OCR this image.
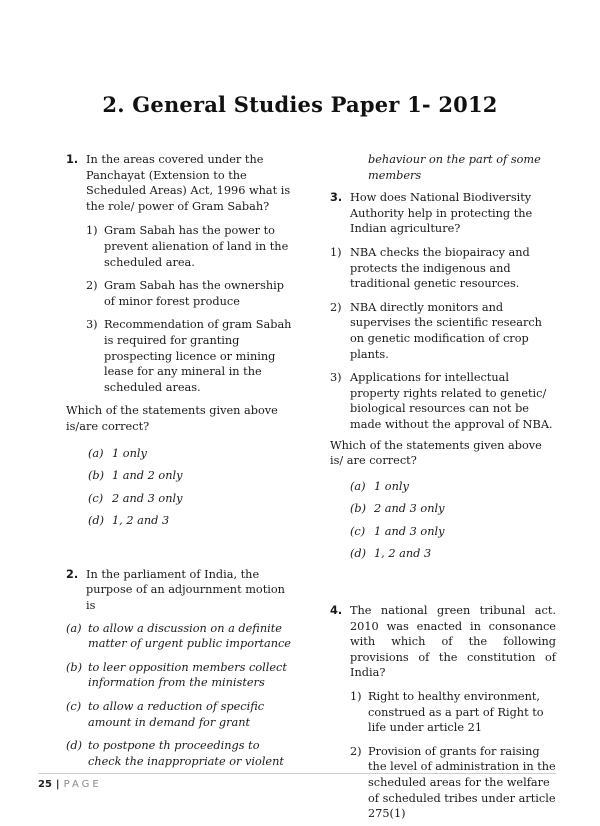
2. General Studies Paper 1- 2012
1. In the areas covered under the Panchayat (Extension to the Scheduled Areas) Act, 1996 what is the role/ power of Gram Sabah?
1) Gram Sabah has the power to prevent alienation of land in the scheduled area.
2) Gram Sabah has the ownership of minor forest produce
3) Recommendation of gram Sabah is required for granting prospecting licence or mining lease for any mineral in the scheduled areas.
Which of the statements given above is/are correct?
(a) 1 only
(b) 1 and 2 only
(c) 2 and 3 only
(d) 1, 2 and 3
2. In the parliament of India, the purpose of an adjournment motion is
(a) to allow a discussion on a definite matter of urgent public importance
(b) to leer opposition members collect information from the ministers
(c) to allow a reduction of specific amount in demand for grant
(d) to postpone th proceedings to check the inappropriate or violent
behaviour on the part of some members
3. How does National Biodiversity Authority help in protecting the Indian agriculture?
1) NBA checks the biopairacy and protects the indigenous and traditional genetic resources.
2) NBA directly monitors and supervises the scientific research on genetic modification of crop plants.
3) Applications for intellectual property rights related to genetic/ biological resources can not be made without the approval of NBA.
Which of the statements given above is/ are correct?
(a) 1 only
(b) 2 and 3 only
(c) 1 and 3 only
(d) 1, 2 and 3
4. The national green tribunal act. 2010 was enacted in consonance with which of the following provisions of the constitution of India?
1) Right to healthy environment, construed as a part of Right to life under article 21
2) Provision of grants for raising the level of administration in the scheduled areas for the welfare of scheduled tribes under article 275(1)
25 | PAGE
